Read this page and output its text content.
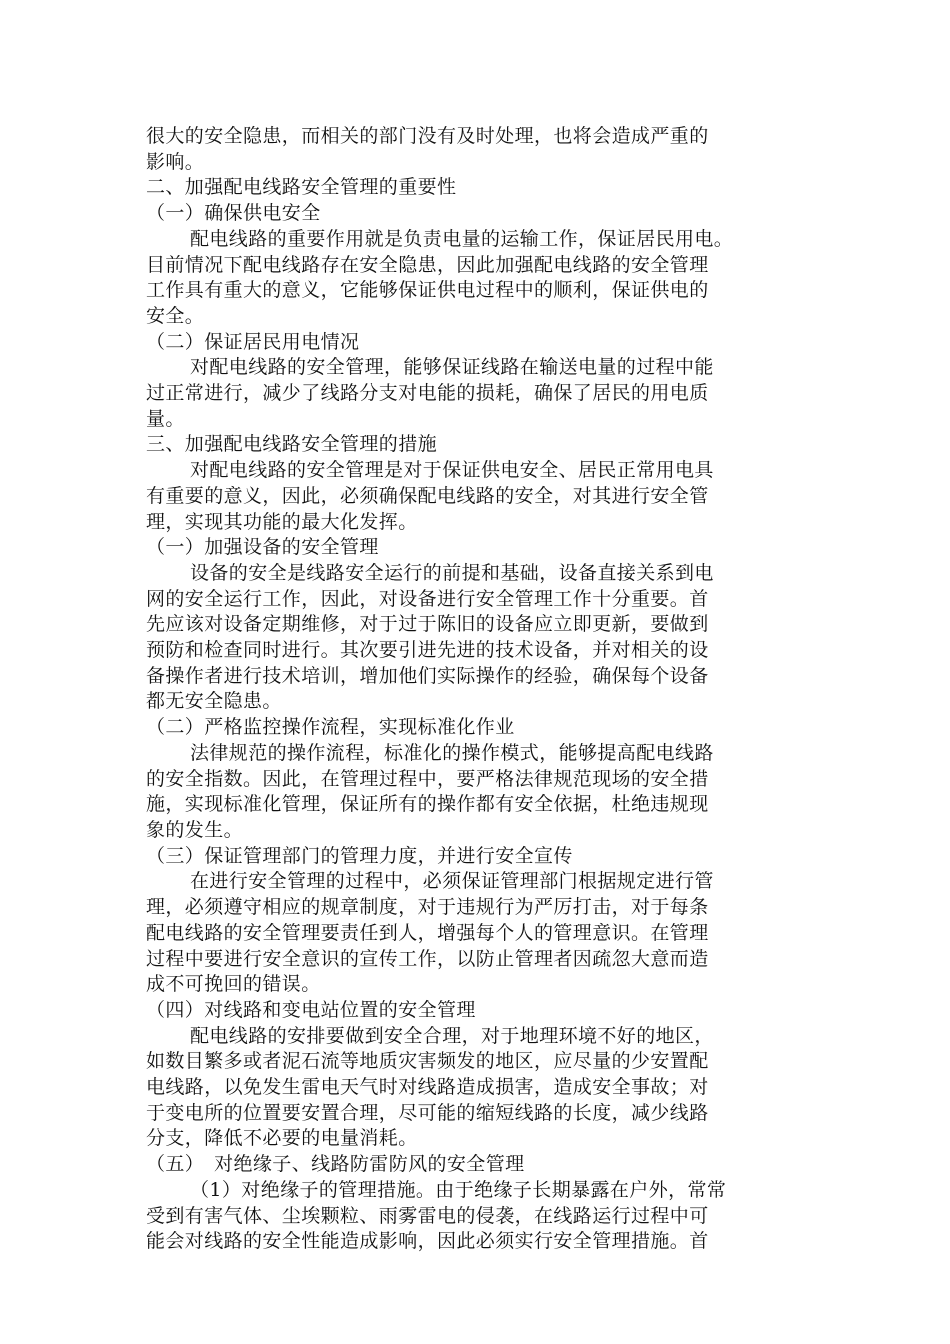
很大的安全隐患，而相关的部门没有及时处理，也将会造成严重的
影响。

二、加强配电线路安全管理的重要性

（一）确保供电安全

配电线路的重要作用就是负责电量的运输工作，保证居民用电。
目前情况下配电线路存在安全隐患，因此加强配电线路的安全管理
工作具有重大的意义，它能够保证供电过程中的顺利，保证供电的
安全。

（二）保证居民用电情况

对配电线路的安全管理，能够保证线路在输送电量的过程中能
过正常进行，减少了线路分支对电能的损耗，确保了居民的用电质
量。

三、加强配电线路安全管理的措施

对配电线路的安全管理是对于保证供电安全、居民正常用电具
有重要的意义，因此，必须确保配电线路的安全，对其进行安全管
理，实现其功能的最大化发挥。

（一）加强设备的安全管理

设备的安全是线路安全运行的前提和基础，设备直接关系到电
网的安全运行工作，因此，对设备进行安全管理工作十分重要。首
先应该对设备定期维修，对于过于陈旧的设备应立即更新，要做到
预防和检查同时进行。其次要引进先进的技术设备，并对相关的设
备操作者进行技术培训，增加他们实际操作的经验，确保每个设备
都无安全隐患。

（二）严格监控操作流程，实现标准化作业

法律规范的操作流程，标准化的操作模式，能够提高配电线路
的安全指数。因此，在管理过程中，要严格法律规范现场的安全措
施，实现标准化管理，保证所有的操作都有安全依据，杜绝违规现
象的发生。

（三）保证管理部门的管理力度，并进行安全宣传

在进行安全管理的过程中，必须保证管理部门根据规定进行管
理，必须遵守相应的规章制度，对于违规行为严厉打击，对于每条
配电线路的安全管理要责任到人，增强每个人的管理意识。在管理
过程中要进行安全意识的宣传工作，以防止管理者因疏忽大意而造
成不可挽回的错误。

（四）对线路和变电站位置的安全管理

配电线路的安排要做到安全合理，对于地理环境不好的地区，
如数目繁多或者泥石流等地质灾害频发的地区，应尽量的少安置配
电线路，以免发生雷电天气时对线路造成损害，造成安全事故；对
于变电所的位置要安置合理，尽可能的缩短线路的长度，减少线路
分支，降低不必要的电量消耗。

（五）　对绝缘子、线路防雷防风的安全管理

（1）对绝缘子的管理措施。由于绝缘子长期暴露在户外，常常
受到有害气体、尘埃颗粒、雨雾雷电的侵袭，在线路运行过程中可
能会对线路的安全性能造成影响，因此必须实行安全管理措施。首
